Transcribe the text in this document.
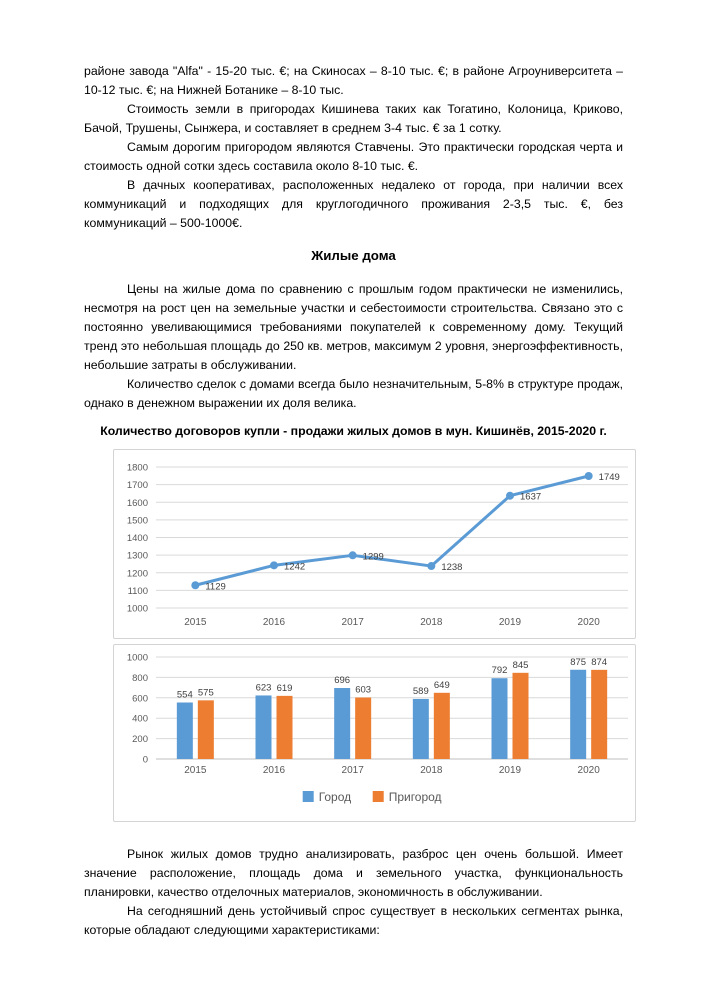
районе завода "Alfa" - 15-20 тыс. €; на Скиносах – 8-10 тыс. €; в районе Агроуниверситета – 10-12 тыс. €; на Нижней Ботанике – 8-10 тыс.

Стоимость земли в пригородах Кишинева таких как Тогатино, Колоница, Криково, Бачой, Трушены, Сынжера, и составляет в среднем 3-4 тыс. € за 1 сотку.

Самым дорогим пригородом являются Ставчены. Это практически городская черта и стоимость одной сотки здесь составила около 8-10 тыс. €.

В дачных кооперативах, расположенных недалеко от города, при наличии всех коммуникаций и подходящих для круглогодичного проживания 2-3,5 тыс. €, без коммуникаций – 500-1000€.

Жилые дома

Цены на жилые дома по сравнению с прошлым годом практически не изменились, несмотря на рост цен на земельные участки и себестоимости строительства. Связано это с постоянно увеливающимися требованиями покупателей к современному дому. Текущий тренд это небольшая площадь до 250 кв. метров, максимум 2 уровня, энергоэффективность, небольшие затраты в обслуживании.

Количество сделок с домами всегда было незначительным, 5-8% в структуре продаж, однако в денежном выражении их доля велика.

Количество договоров купли - продажи жилых домов в мун. Кишинёв, 2015-2020 г.

1000
1100
1200
1300
1400
1500
1600
1700
1800
2015	2016	2017	2018	2019	2020
1129
1242
1299
1238
1637
1749
0
200
400
600
800
1000
2015	2016	2017	2018	2019	2020
554
623
696
589
792
875
575	619	603	649
845	874
Город	Пригород

Рынок жилых домов трудно анализировать, разброс цен очень большой. Имеет значение расположение, площадь дома и земельного участка, функциональность планировки, качество отделочных материалов, экономичность в обслуживании.

На сегодняшний день устойчивый спрос существует в нескольких сегментах рынка, которые обладают следующими характеристиками:
